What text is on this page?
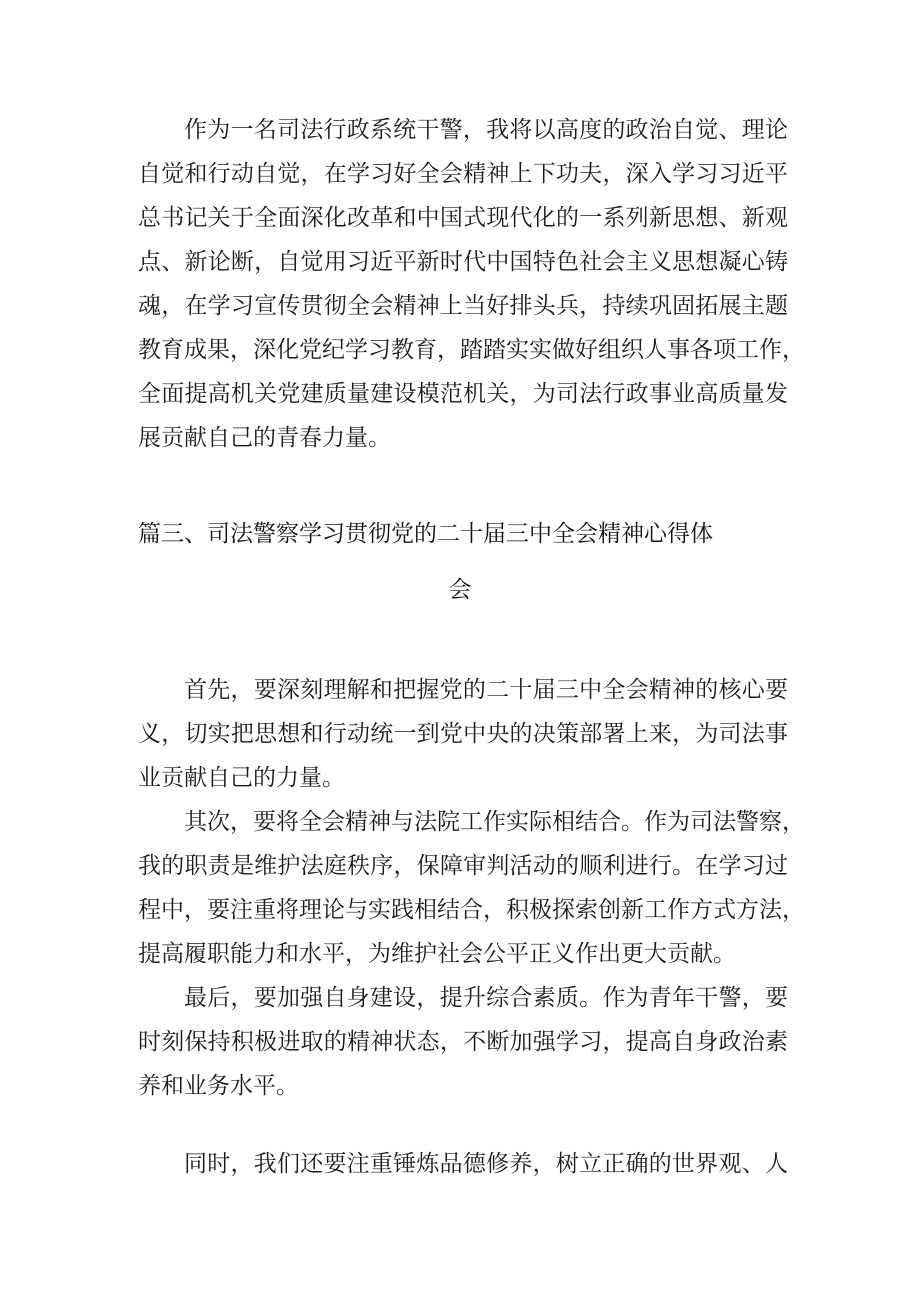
作为一名司法行政系统干警，我将以高度的政治自觉、理论
自觉和行动自觉，在学习好全会精神上下功夫，深入学习习近平
总书记关于全面深化改革和中国式现代化的一系列新思想、新观
点、新论断，自觉用习近平新时代中国特色社会主义思想凝心铸
魂，在学习宣传贯彻全会精神上当好排头兵，持续巩固拓展主题
教育成果，深化党纪学习教育，踏踏实实做好组织人事各项工作，
全面提高机关党建质量建设模范机关，为司法行政事业高质量发
展贡献自己的青春力量。
篇三、司法警察学习贯彻党的二十届三中全会精神心得体
会
首先，要深刻理解和把握党的二十届三中全会精神的核心要
义，切实把思想和行动统一到党中央的决策部署上来，为司法事
业贡献自己的力量。
其次，要将全会精神与法院工作实际相结合。作为司法警察，
我的职责是维护法庭秩序，保障审判活动的顺利进行。在学习过
程中，要注重将理论与实践相结合，积极探索创新工作方式方法，
提高履职能力和水平，为维护社会公平正义作出更大贡献。
最后，要加强自身建设，提升综合素质。作为青年干警，要
时刻保持积极进取的精神状态，不断加强学习，提高自身政治素
养和业务水平。
同时，我们还要注重锤炼品德修养，树立正确的世界观、人
